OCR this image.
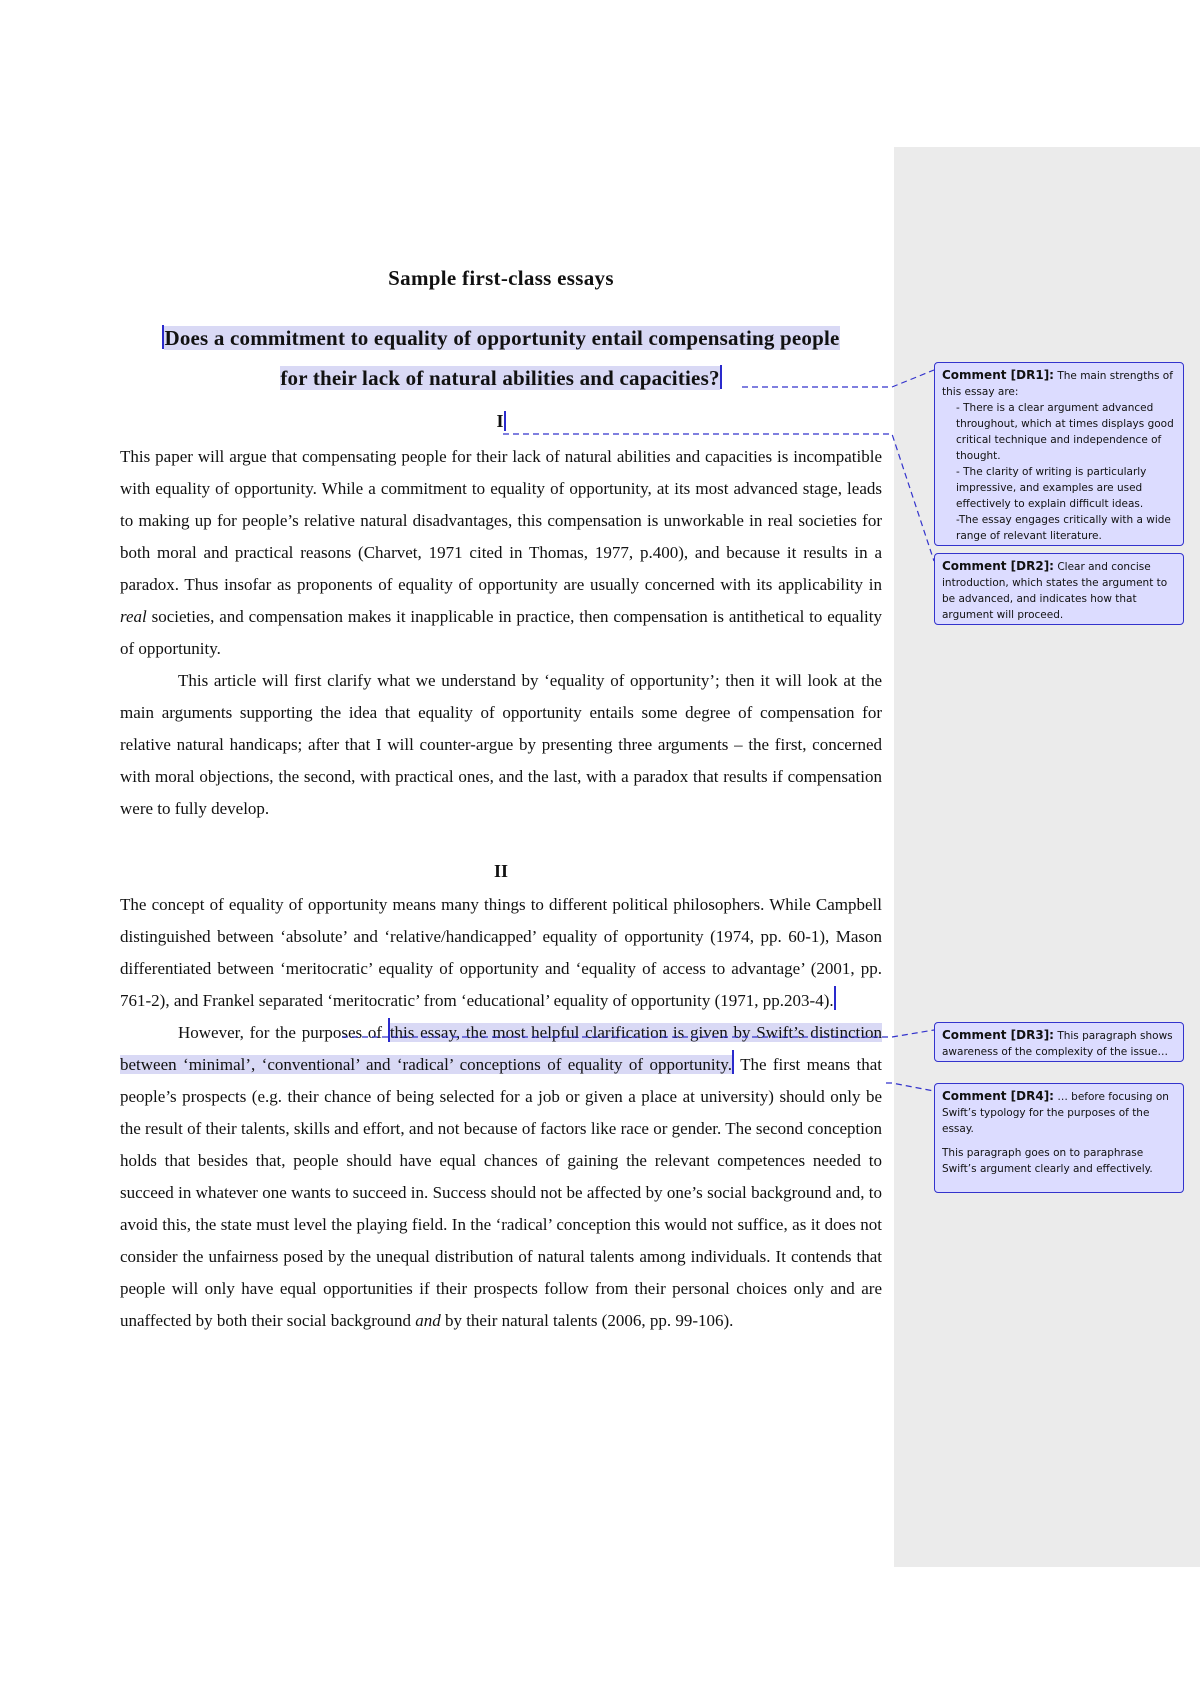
Sample first-class essays
Does a commitment to equality of opportunity entail compensating people
for their lack of natural abilities and capacities?
I

This paper will argue that compensating people for their lack of natural abilities and capacities is incompatible with equality of opportunity. While a commitment to equality of opportunity, at its most advanced stage, leads to making up for people’s relative natural disadvantages, this compensation is unworkable in real societies for both moral and practical reasons (Charvet, 1971 cited in Thomas, 1977, p.400), and because it results in a paradox. Thus insofar as proponents of equality of opportunity are usually concerned with its applicability in real societies, and compensation makes it inapplicable in practice, then compensation is antithetical to equality of opportunity.

This article will first clarify what we understand by ‘equality of opportunity’; then it will look at the main arguments supporting the idea that equality of opportunity entails some degree of compensation for relative natural handicaps; after that I will counter-argue by presenting three arguments – the first, concerned with moral objections, the second, with practical ones, and the last, with a paradox that results if compensation were to fully develop.

II

The concept of equality of opportunity means many things to different political philosophers. While Campbell distinguished between ‘absolute’ and ‘relative/handicapped’ equality of opportunity (1974, pp. 60-1), Mason differentiated between ‘meritocratic’ equality of opportunity and ‘equality of access to advantage’ (2001, pp. 761-2), and Frankel separated ‘meritocratic’ from ‘educational’ equality of opportunity (1971, pp.203-4).

However, for the purposes of this essay, the most helpful clarification is given by Swift’s distinction between ‘minimal’, ‘conventional’ and ‘radical’ conceptions of equality of opportunity. The first means that people’s prospects (e.g. their chance of being selected for a job or given a place at university) should only be the result of their talents, skills and effort, and not because of factors like race or gender. The second conception holds that besides that, people should have equal chances of gaining the relevant competences needed to succeed in whatever one wants to succeed in. Success should not be affected by one’s social background and, to avoid this, the state must level the playing field. In the ‘radical’ conception this would not suffice, as it does not consider the unfairness posed by the unequal distribution of natural talents among individuals. It contends that people will only have equal opportunities if their prospects follow from their personal choices only and are unaffected by both their social background and by their natural talents (2006, pp. 99-106).

Comment [DR1]: The main strengths of this essay are:
- There is a clear argument advanced throughout, which at times displays good critical technique and independence of thought.
- The clarity of writing is particularly impressive, and examples are used effectively to explain difficult ideas.
-The essay engages critically with a wide range of relevant literature.
Comment [DR2]: Clear and concise introduction, which states the argument to be advanced, and indicates how that argument will proceed.
Comment [DR3]: This paragraph shows awareness of the complexity of the issue…
Comment [DR4]: … before focusing on Swift’s typology for the purposes of the essay.
This paragraph goes on to paraphrase Swift’s argument clearly and effectively.
